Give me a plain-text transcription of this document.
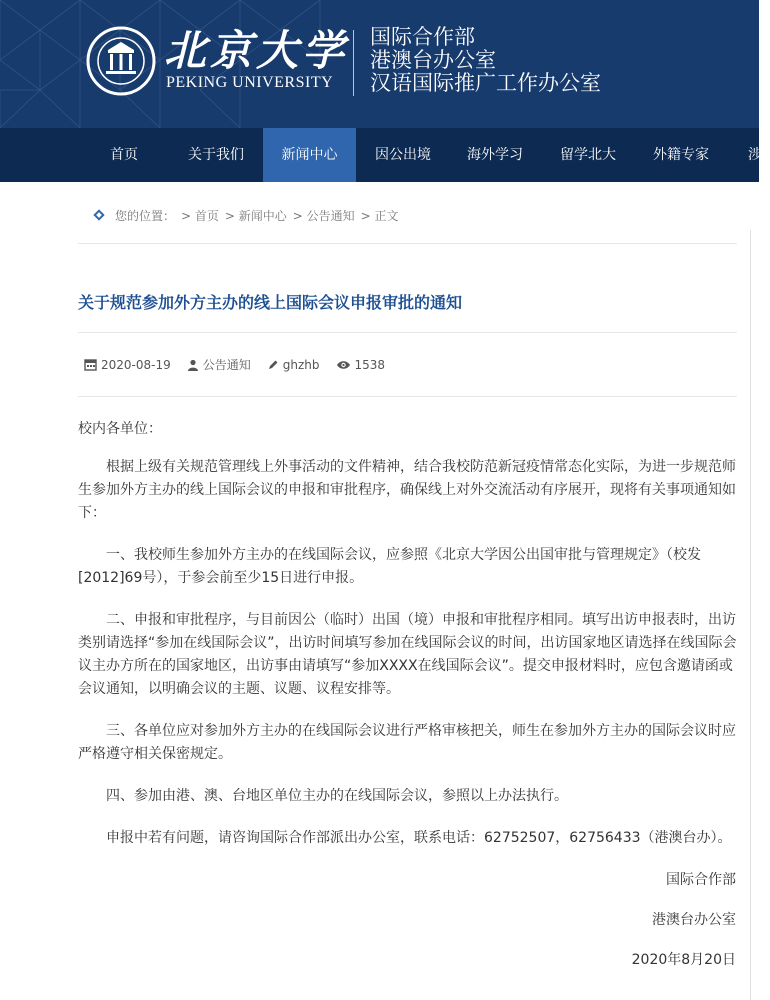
北京大学
PEKING UNIVERSITY
国际合作部
港澳台办公室
汉语国际推广工作办公室
首页	关于我们	新闻中心	因公出境	海外学习	留学北大	外籍专家	涉
您的位置： > 首页 > 新闻中心 > 公告通知 > 正文
关于规范参加外方主办的线上国际会议申报审批的通知
2020-08-19	公告通知	ghzhb	1538

校内各单位：

根据上级有关规范管理线上外事活动的文件精神，结合我校防范新冠疫情常态化实际，为进一步规范师生参加外方主办的线上国际会议的申报和审批程序，确保线上对外交流活动有序展开，现将有关事项通知如下：

一、我校师生参加外方主办的在线国际会议，应参照《北京大学因公出国审批与管理规定》（校发[2012]69号），于参会前至少15日进行申报。

二、申报和审批程序，与目前因公（临时）出国（境）申报和审批程序相同。填写出访申报表时，出访类别请选择“参加在线国际会议”，出访时间填写参加在线国际会议的时间，出访国家地区请选择在线国际会议主办方所在的国家地区，出访事由请填写“参加XXXX在线国际会议”。提交申报材料时，应包含邀请函或会议通知，以明确会议的主题、议题、议程安排等。

三、各单位应对参加外方主办的在线国际会议进行严格审核把关，师生在参加外方主办的国际会议时应严格遵守相关保密规定。

四、参加由港、澳、台地区单位主办的在线国际会议，参照以上办法执行。

申报中若有问题，请咨询国际合作部派出办公室，联系电话：62752507，62756433（港澳台办）。

国际合作部

港澳台办公室

2020年8月20日
